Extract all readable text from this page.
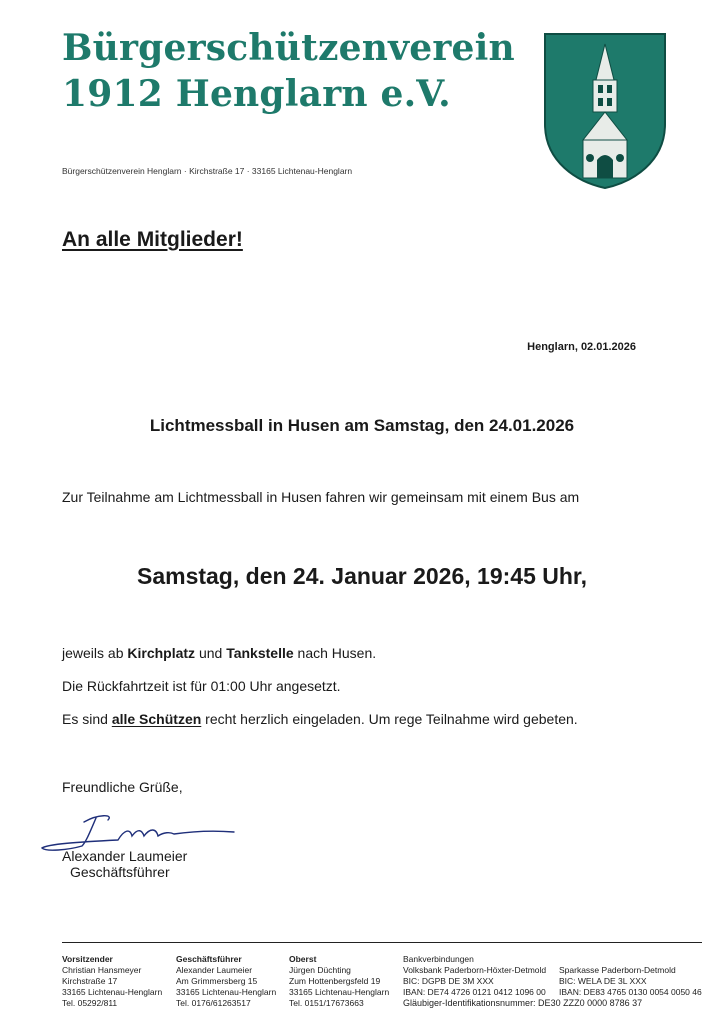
Bürgerschützenverein
1912 Henglarn e.V.
Bürgerschützenverein Henglarn · Kirchstraße 17 · 33165 Lichtenau-Henglarn
An alle Mitglieder!
Henglarn, 02.01.2026
Lichtmessball in Husen am Samstag, den 24.01.2026
Zur Teilnahme am Lichtmessball in Husen fahren wir gemeinsam mit einem Bus am
Samstag, den 24. Januar 2026, 19:45 Uhr,
jeweils ab Kirchplatz und Tankstelle nach Husen.
Die Rückfahrtzeit ist für 01:00 Uhr angesetzt.
Es sind alle Schützen recht herzlich eingeladen. Um rege Teilnahme wird gebeten.
Freundliche Grüße,
Alexander Laumeier
Geschäftsführer
Vorsitzender
Christian Hansmeyer
Kirchstraße 17
33165 Lichtenau-Henglarn
Tel. 05292/811
Geschäftsführer
Alexander Laumeier
Am Grimmersberg 15
33165 Lichtenau-Henglarn
Tel. 0176/61263517
Oberst
Jürgen Düchting
Zum Hottenbergsfeld 19
33165 Lichtenau-Henglarn
Tel. 0151/17673663
Bankverbindungen
Volksbank Paderborn-Höxter-Detmold
BIC: DGPB DE 3M XXX
IBAN: DE74 4726 0121 0412 1096 00
Sparkasse Paderborn-Detmold
BIC: WELA DE 3L XXX
IBAN: DE83 4765 0130 0054 0050 46
Gläubiger-Identifikationsnummer: DE30 ZZZ0 0000 8786 37
